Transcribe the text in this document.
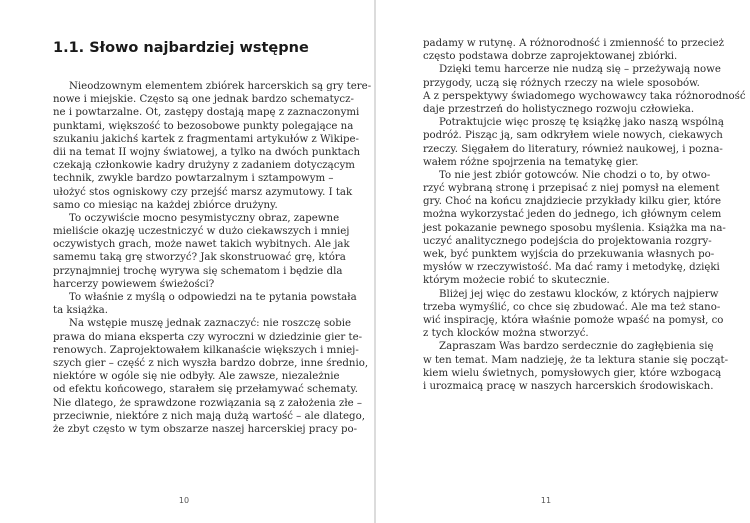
1.1. Słowo najbardziej wstępne
Nieodzownym elementem zbiórek harcerskich są gry tere-
nowe i miejskie. Często są one jednak bardzo schematycz-
ne i powtarzalne. Ot, zastępy dostają mapę z zaznaczonymi
punktami, większość to bezosobowe punkty polegające na
szukaniu jakichś kartek z fragmentami artykułów z Wikipe-
dii na temat II wojny światowej, a tylko na dwóch punktach
czekają członkowie kadry drużyny z zadaniem dotyczącym
technik, zwykle bardzo powtarzalnym i sztampowym –
ułożyć stos ogniskowy czy przejść marsz azymutowy. I tak
samo co miesiąc na każdej zbiórce drużyny.
To oczywiście mocno pesymistyczny obraz, zapewne
mieliście okazję uczestniczyć w dużo ciekawszych i mniej
oczywistych grach, może nawet takich wybitnych. Ale jak
samemu taką grę stworzyć? Jak skonstruować grę, która
przynajmniej trochę wyrywa się schematom i będzie dla
harcerzy powiewem świeżości?
To właśnie z myślą o odpowiedzi na te pytania powstała
ta książka.
Na wstępie muszę jednak zaznaczyć: nie roszczę sobie
prawa do miana eksperta czy wyroczni w dziedzinie gier te-
renowych. Zaprojektowałem kilkanaście większych i mniej-
szych gier – część z nich wyszła bardzo dobrze, inne średnio,
niektóre w ogóle się nie odbyły. Ale zawsze, niezależnie
od efektu końcowego, starałem się przełamywać schematy.
Nie dlatego, że sprawdzone rozwiązania są z założenia złe –
przeciwnie, niektóre z nich mają dużą wartość – ale dlatego,
że zbyt często w tym obszarze naszej harcerskiej pracy po-
10
padamy w rutynę. A różnorodność i zmienność to przecież
często podstawa dobrze zaprojektowanej zbiórki.
Dzięki temu harcerze nie nudzą się – przeżywają nowe
przygody, uczą się różnych rzeczy na wiele sposobów.
A z perspektywy świadomego wychowawcy taka różnorodność
daje przestrzeń do holistycznego rozwoju człowieka.
Potraktujcie więc proszę tę książkę jako naszą wspólną
podróż. Pisząc ją, sam odkryłem wiele nowych, ciekawych
rzeczy. Sięgałem do literatury, również naukowej, i pozna-
wałem różne spojrzenia na tematykę gier.
To nie jest zbiór gotowców. Nie chodzi o to, by otwo-
rzyć wybraną stronę i przepisać z niej pomysł na element
gry. Choć na końcu znajdziecie przykłady kilku gier, które
można wykorzystać jeden do jednego, ich głównym celem
jest pokazanie pewnego sposobu myślenia. Książka ma na-
uczyć analitycznego podejścia do projektowania rozgry-
wek, być punktem wyjścia do przekuwania własnych po-
mysłów w rzeczywistość. Ma dać ramy i metodykę, dzięki
którym możecie robić to skutecznie.
Bliżej jej więc do zestawu klocków, z których najpierw
trzeba wymyślić, co chce się zbudować. Ale ma też stano-
wić inspirację, która właśnie pomoże wpaść na pomysł, co
z tych klocków można stworzyć.
Zapraszam Was bardzo serdecznie do zagłębienia się
w ten temat. Mam nadzieję, że ta lektura stanie się począt-
kiem wielu świetnych, pomysłowych gier, które wzbogacą
i urozmaicą pracę w naszych harcerskich środowiskach.
11
